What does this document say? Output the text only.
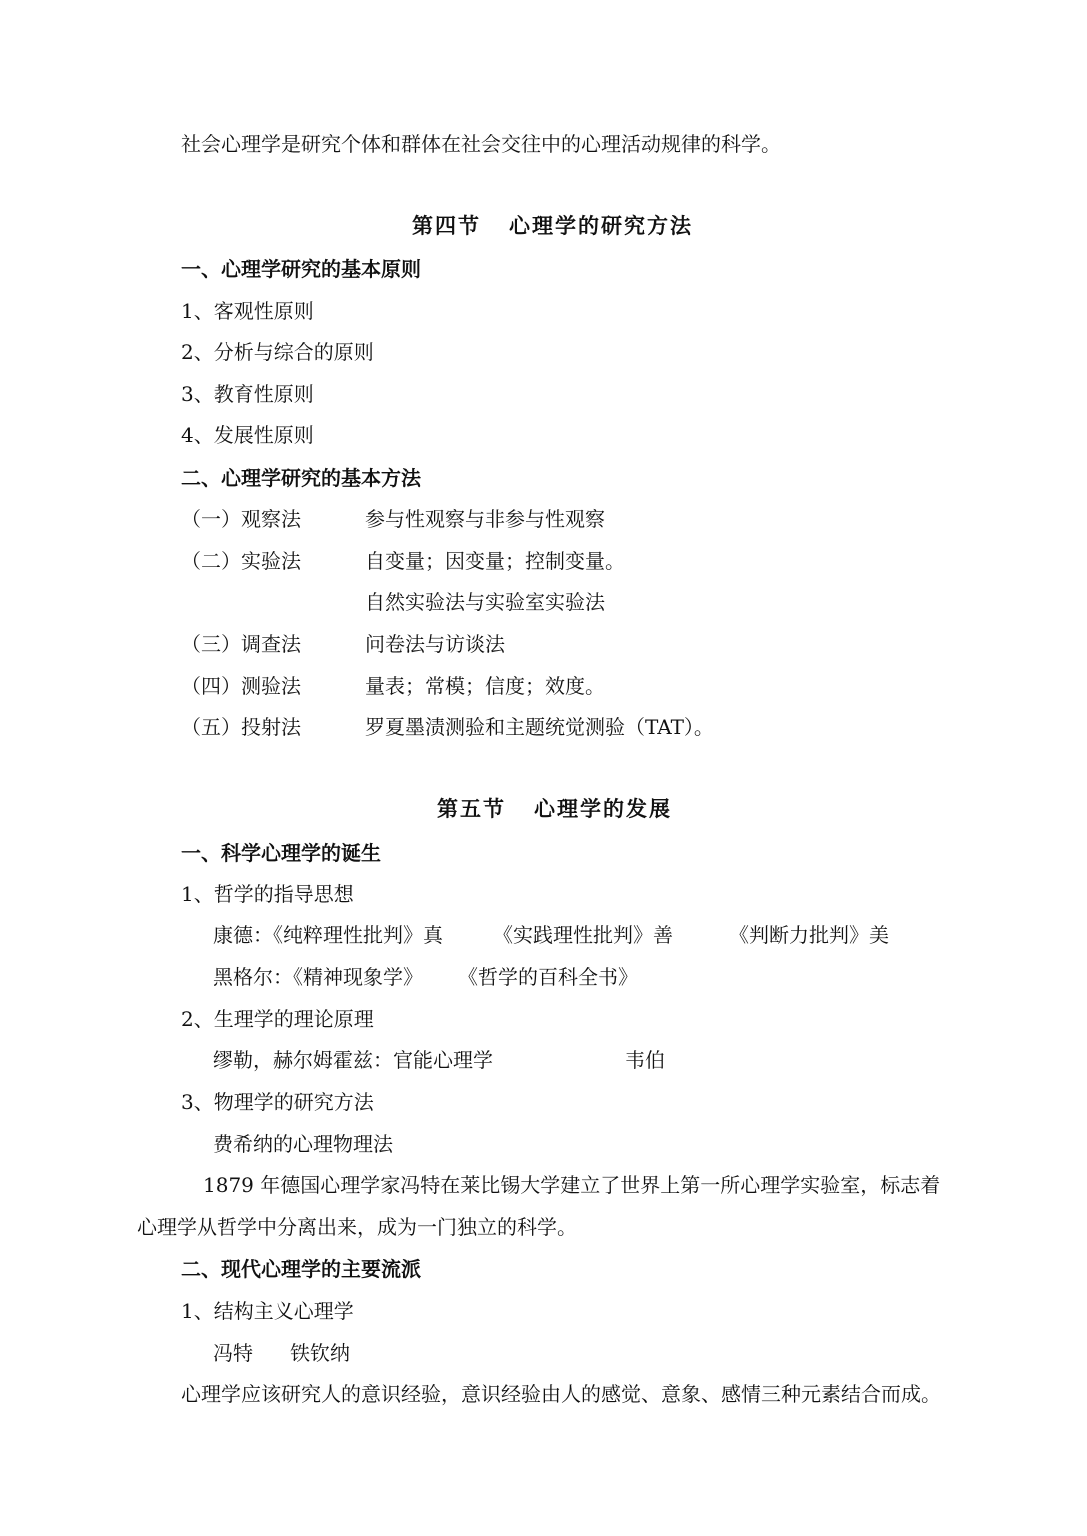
社会心理学是研究个体和群体在社会交往中的心理活动规律的科学。
第四节 心理学的研究方法
一、心理学研究的基本原则
1、客观性原则
2、分析与综合的原则
3、教育性原则
4、发展性原则
二、心理学研究的基本方法
（一）观察法	参与性观察与非参与性观察
（二）实验法	自变量；因变量；控制变量。
自然实验法与实验室实验法
（三）调查法	问卷法与访谈法
（四）测验法	量表；常模；信度；效度。
（五）投射法	罗夏墨渍测验和主题统觉测验（TAT）。
第五节 心理学的发展
一、科学心理学的诞生
1、哲学的指导思想
康德：《纯粹理性批判》真	《实践理性批判》善	《判断力批判》美
黑格尔：《精神现象学》 《哲学的百科全书》
2、生理学的理论原理
缪勒，赫尔姆霍兹：官能心理学	韦伯
3、物理学的研究方法
费希纳的心理物理法
1879 年德国心理学家冯特在莱比锡大学建立了世界上第一所心理学实验室，标志着
心理学从哲学中分离出来，成为一门独立的科学。
二、现代心理学的主要流派
1、结构主义心理学
冯特 铁钦纳
心理学应该研究人的意识经验，意识经验由人的感觉、意象、感情三种元素结合而成。
